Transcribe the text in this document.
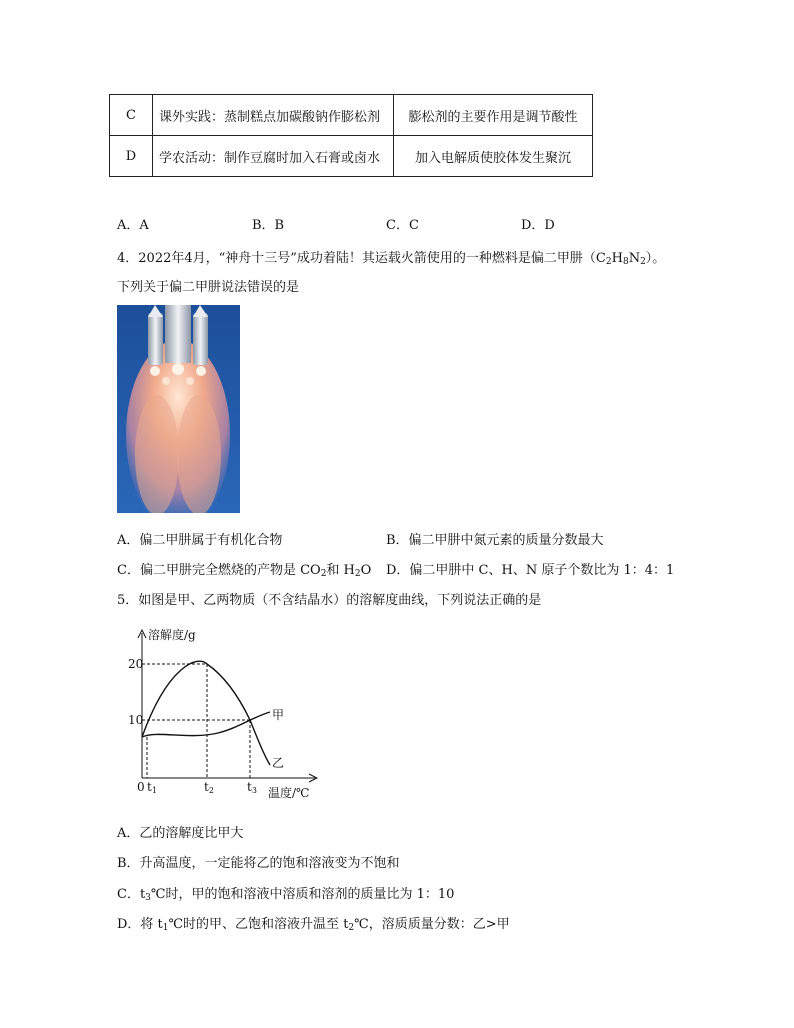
C	课外实践：蒸制糕点加碳酸钠作膨松剂	膨松剂的主要作用是调节酸性
D	学农活动：制作豆腐时加入石膏或卤水	加入电解质使胶体发生聚沉
A．A	B．B	C．C	D．D
4．2022年4月，“神舟十三号”成功着陆！其运载火箭使用的一种燃料是偏二甲肼$(C_2H_8N_2)$。
下列关于偏二甲肼说法错误的是
A．偏二甲肼属于有机化合物	B．偏二甲肼中氮元素的质量分数最大
C．偏二甲肼完全燃烧的产物是 $CO_2$和 $H_2O$ D．偏二甲肼中 C、H、N 原子个数比为 1：4：1
5．如图是甲、乙两物质（不含结晶水）的溶解度曲线，下列说法正确的是
溶解度/g
20
10	甲
乙
0 t1	t2	t3 温度/℃
A．乙的溶解度比甲大
B．升高温度，一定能将乙的饱和溶液变为不饱和
C．$t_3℃$时，甲的饱和溶液中溶质和溶剂的质量比为 1：10
D．将 $t_1℃$时的甲、乙饱和溶液升温至 $t_2℃$，溶质质量分数：乙>甲
